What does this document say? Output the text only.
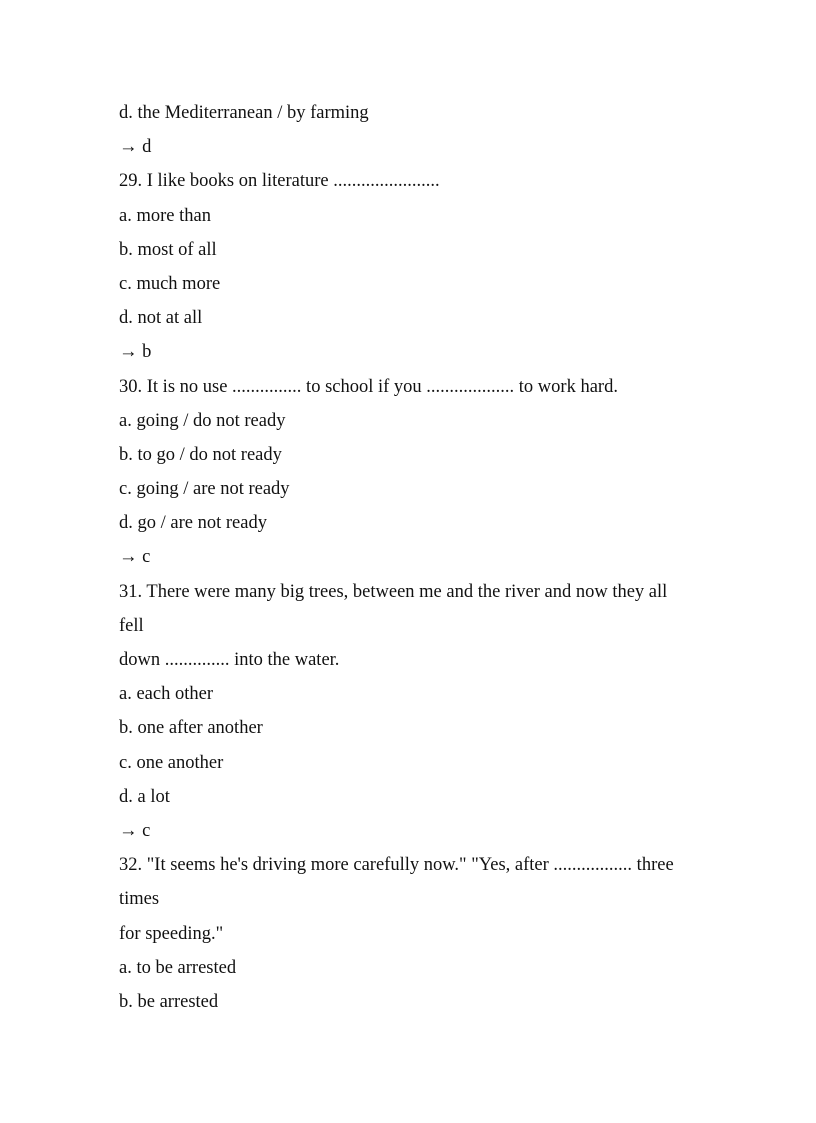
d. the Mediterranean / by farming
→ d
29. I like books on literature .......................
a. more than
b. most of all
c. much more
d. not at all
→ b
30. It is no use ............... to school if you ................... to work hard.
a. going / do not ready
b. to go / do not ready
c. going / are not ready
d. go / are not ready
→ c
31. There were many big trees, between me and the river and now they all
fell
down .............. into the water.
a. each other
b. one after another
c. one another
d. a lot
→ c
32. "It seems he's driving more carefully now." "Yes, after ................. three
times
for speeding."
a. to be arrested
b. be arrested
